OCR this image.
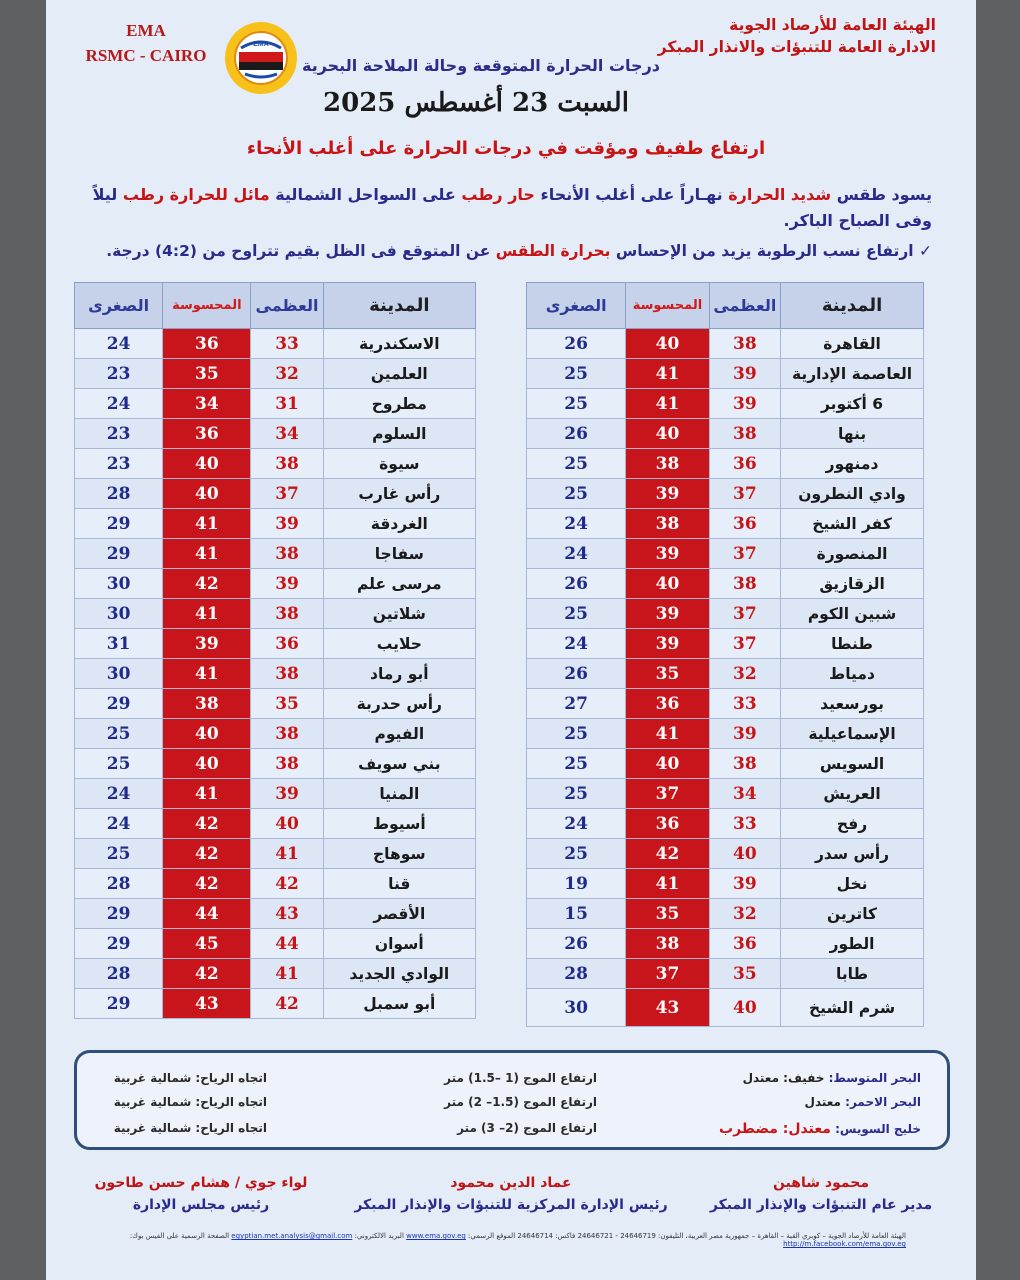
الهيئة العامة للأرصاد الجوية
الادارة العامة للتنبؤات والانذار المبكر
EMA
RSMC - CAIRO
EMA
درجات الحرارة المتوقعة وحالة الملاحة البحرية
السبت 23 أغسطس 2025
ارتفاع طفيف ومؤقت في درجات الحرارة على أغلب الأنحاء
يسود طقس شديد الحرارة نهـاراً على أغلب الأنحاء حار رطب على السواحل الشمالية مائل للحرارة رطب ليلاً وفى الصباح الباكر.
✓ ارتفاع نسب الرطوبة يزيد من الإحساس بحرارة الطقس عن المتوقع فى الظل بقيم تتراوح من (4:2) درجة.
المدينة	العظمى	المحسوسة	الصغرى
القاهرة	38	40	26
العاصمة الإدارية	39	41	25
6 أكتوبر	39	41	25
بنها	38	40	26
دمنهور	36	38	25
وادي النطرون	37	39	25
كفر الشيخ	36	38	24
المنصورة	37	39	24
الزقازيق	38	40	26
شبين الكوم	37	39	25
طنطا	37	39	24
دمياط	32	35	26
بورسعيد	33	36	27
الإسماعيلية	39	41	25
السويس	38	40	25
العريش	34	37	25
رفح	33	36	24
رأس سدر	40	42	25
نخل	39	41	19
كاترين	32	35	15
الطور	36	38	26
طابا	35	37	28
شرم الشيخ	40	43	30
المدينة	العظمى	المحسوسة	الصغرى
الاسكندرية	33	36	24
العلمين	32	35	23
مطروح	31	34	24
السلوم	34	36	23
سيوة	38	40	23
رأس غارب	37	40	28
الغردقة	39	41	29
سفاجا	38	41	29
مرسى علم	39	42	30
شلاتين	38	41	30
حلايب	36	39	31
أبو رماد	38	41	30
رأس حدربة	35	38	29
الفيوم	38	40	25
بني سويف	38	40	25
المنيا	39	41	24
أسيوط	40	42	24
سوهاج	41	42	25
قنا	42	42	28
الأقصر	43	44	29
أسوان	44	45	29
الوادي الجديد	41	42	28
أبو سمبل	42	43	29
البحر المتوسط: خفيف: معتدل
ارتفاع الموج (1 –1.5) متر
اتجاه الرياح: شمالية غربية
البحر الاحمر: معتدل
ارتفاع الموج (1.5– 2) متر
اتجاه الرياح: شمالية غربية
خليج السويس: معتدل: مضطرب
ارتفاع الموج (2– 3) متر
اتجاه الرياح: شمالية غربية
محمود شاهين
مدير عام التنبؤات والإنذار المبكر
عماد الدين محمود
رئيس الإدارة المركزية للتنبؤات والإنذار المبكر
لواء جوي / هشام حسن طاحون
رئيس مجلس الإدارة
الهيئة العامة للأرصاد الجوية – كوبري القبة – القاهرة – جمهورية مصر العربية، التليفون: 24646719 - 24646721 فاكس: 24646714 الموقع الرسمي: www.ema.gov.eg البريد الالكتروني: egyptian.met.analysis@gmail.com الصفحة الرسمية على الفيس بوك: http://m.facebook.com/ema.gov.eg
